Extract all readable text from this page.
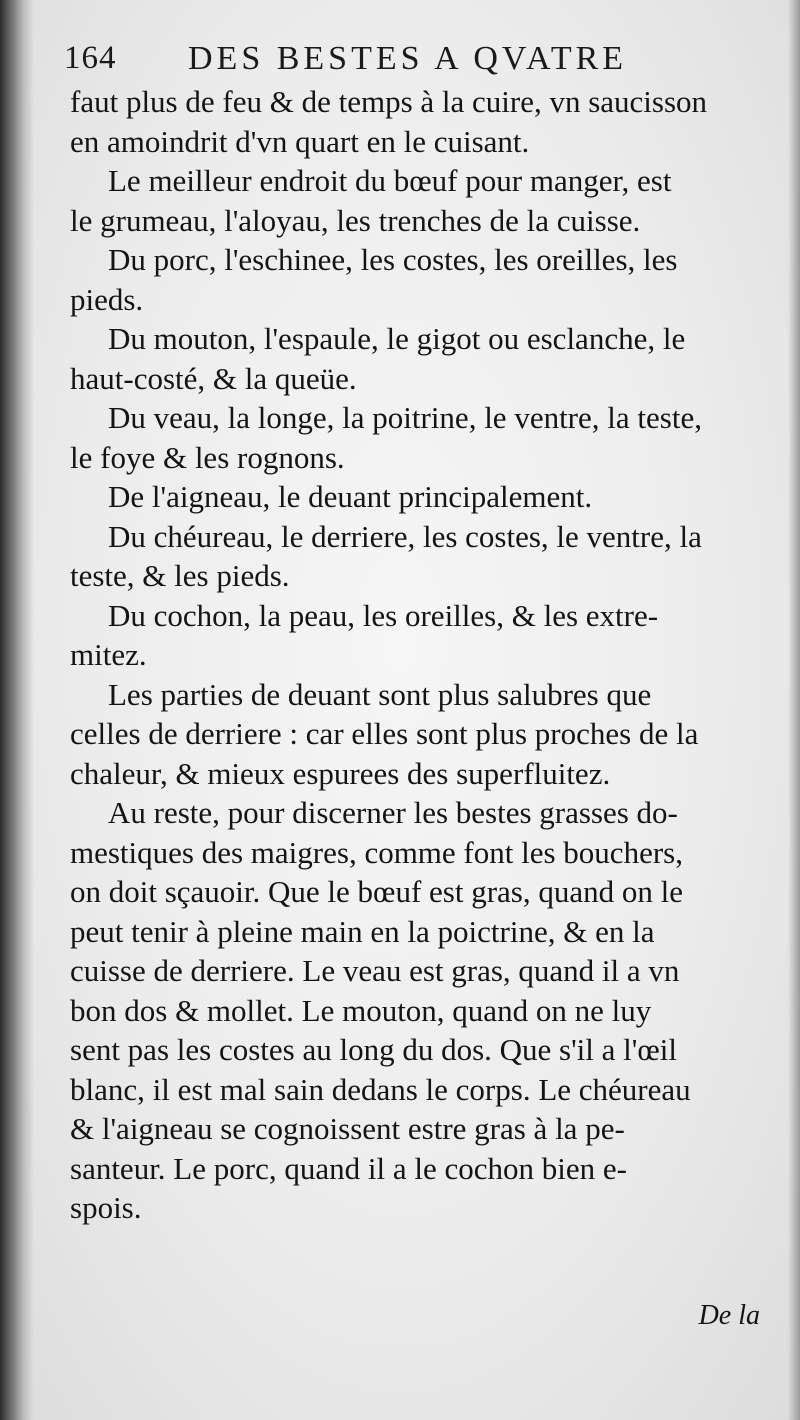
164 DES BESTES A QVATRE
faut plus de feu & de temps à la cuire, vn saucisson
en amoindrit d'vn quart en le cuisant.
Le meilleur endroit du bœuf pour manger, est
le grumeau, l'aloyau, les trenches de la cuisse.
Du porc, l'eschinee, les costes, les oreilles, les
pieds.
Du mouton, l'espaule, le gigot ou esclanche, le
haut-costé, & la queüe.
Du veau, la longe, la poitrine, le ventre, la teste,
le foye & les rognons.
De l'aigneau, le deuant principalement.
Du chéureau, le derriere, les costes, le ventre, la
teste, & les pieds.
Du cochon, la peau, les oreilles, & les extre-
mitez.
Les parties de deuant sont plus salubres que
celles de derriere : car elles sont plus proches de la
chaleur, & mieux espurees des superfluitez.
Au reste, pour discerner les bestes grasses do-
mestiques des maigres, comme font les bouchers,
on doit sçauoir. Que le bœuf est gras, quand on le
peut tenir à pleine main en la poictrine, & en la
cuisse de derriere. Le veau est gras, quand il a vn
bon dos & mollet. Le mouton, quand on ne luy
sent pas les costes au long du dos. Que s'il a l'œil
blanc, il est mal sain dedans le corps. Le chéureau
& l'aigneau se cognoissent estre gras à la pe-
santeur. Le porc, quand il a le cochon bien e-
spois.
De la
